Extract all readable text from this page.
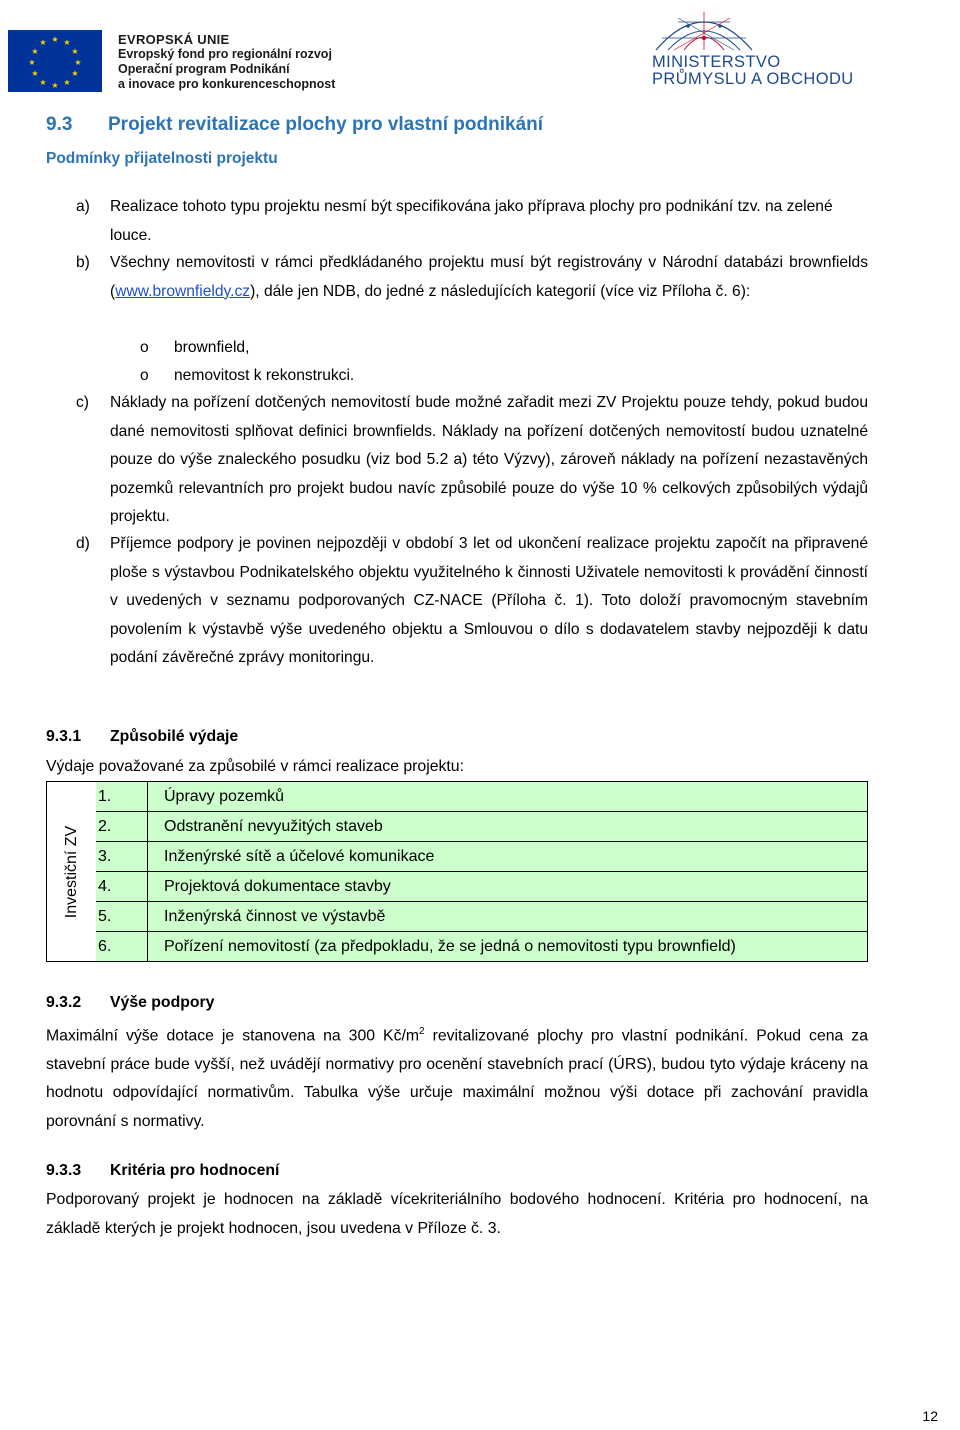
★ ★
★
★
★
★
★
★
★
★
★
★	EVROPSKÁ UNIE
Evropský fond pro regionální rozvoj
Operační program Podnikání
a inovace pro konkurenceschopnost
MINISTERSTVO
PRŮMYSLU A OBCHODU
9.3 Projekt revitalizace plochy pro vlastní podnikání
Podmínky přijatelnosti projektu
a) Realizace tohoto typu projektu nesmí být specifikována jako příprava plochy pro podnikání tzv. na zelené louce.
b) Všechny nemovitosti v rámci předkládaného projektu musí být registrovány v Národní databázi brownfields (www.brownfieldy.cz), dále jen NDB, do jedné z následujících kategorií (více viz Příloha č. 6):
o brownfield,
o nemovitost k rekonstrukci.
c) Náklady na pořízení dotčených nemovitostí bude možné zařadit mezi ZV Projektu pouze tehdy, pokud budou dané nemovitosti splňovat definici brownfields. Náklady na pořízení dotčených nemovitostí budou uznatelné pouze do výše znaleckého posudku (viz bod 5.2 a) této Výzvy), zároveň náklady na pořízení nezastavěných pozemků relevantních pro projekt budou navíc způsobilé pouze do výše 10 % celkových způsobilých výdajů projektu.
d) Příjemce podpory je povinen nejpozději v období 3 let od ukončení realizace projektu započít na připravené ploše s výstavbou Podnikatelského objektu využitelného k činnosti Uživatele nemovitosti k provádění činností v uvedených v seznamu podporovaných CZ-NACE (Příloha č. 1). Toto doloží pravomocným stavebním povolením k výstavbě výše uvedeného objektu a Smlouvou o dílo s dodavatelem stavby nejpozději k datu podání závěrečné zprávy monitoringu.
9.3.1 Způsobilé výdaje
Výdaje považované za způsobilé v rámci realizace projektu:
Investiční ZV
1.	Úpravy pozemků
2.	Odstranění nevyužitých staveb
3.	Inženýrské sítě a účelové komunikace
4.	Projektová dokumentace stavby
5.	Inženýrská činnost ve výstavbě
6.	Pořízení nemovitostí (za předpokladu, že se jedná o nemovitosti typu brownfield)
9.3.2 Výše podpory
Maximální výše dotace je stanovena na 300 $Kč/m^2$ revitalizované plochy pro vlastní podnikání. Pokud cena za stavební práce bude vyšší, než uvádějí normativy pro ocenění stavebních prací (ÚRS), budou tyto výdaje kráceny na hodnotu odpovídající normativům. Tabulka výše určuje maximální možnou výši dotace při zachování pravidla porovnání s normativy.
9.3.3 Kritéria pro hodnocení
Podporovaný projekt je hodnocen na základě vícekriteriálního bodového hodnocení. Kritéria pro hodnocení, na základě kterých je projekt hodnocen, jsou uvedena v Příloze č. 3.
12
